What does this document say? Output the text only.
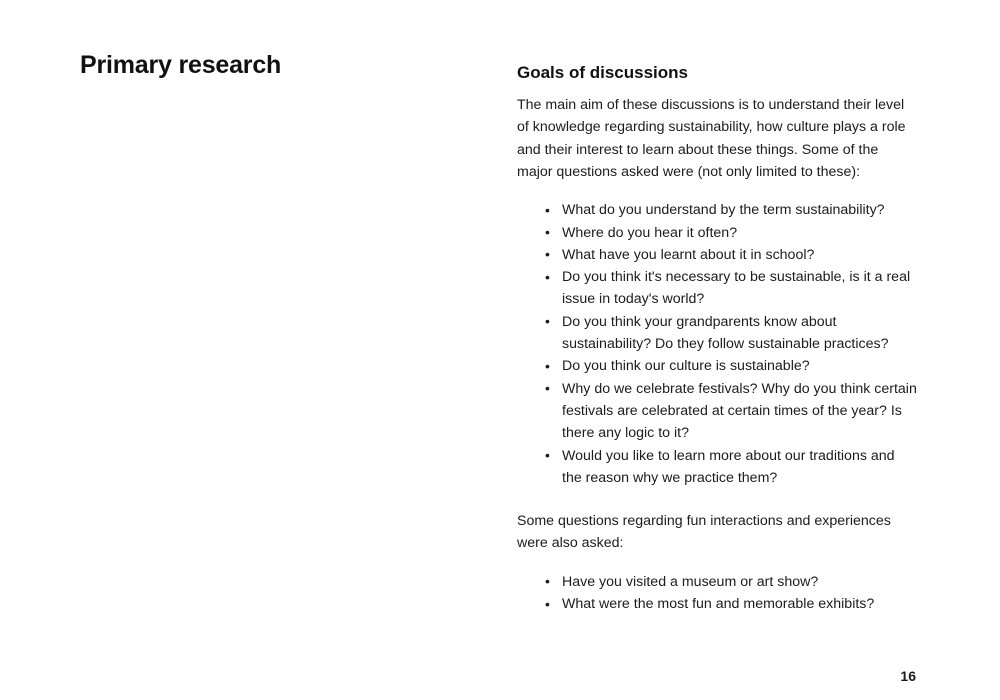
Primary research	Goals of discussions

The main aim of these discussions is to understand their level of knowledge regarding sustainability, how culture plays a role and their interest to learn about these things. Some of the major questions asked were (not only limited to these):

• What do you understand by the term sustainability?
• Where do you hear it often?
• What have you learnt about it in school?
• Do you think it's necessary to be sustainable, is it a real issue in today's world?
• Do you think your grandparents know about sustainability? Do they follow sustainable practices?
• Do you think our culture is sustainable?
• Why do we celebrate festivals? Why do you think certain festivals are celebrated at certain times of the year? Is there any logic to it?
• Would you like to learn more about our traditions and the reason why we practice them?

Some questions regarding fun interactions and experiences were also asked:

• Have you visited a museum or art show?
• What were the most fun and memorable exhibits?
16
